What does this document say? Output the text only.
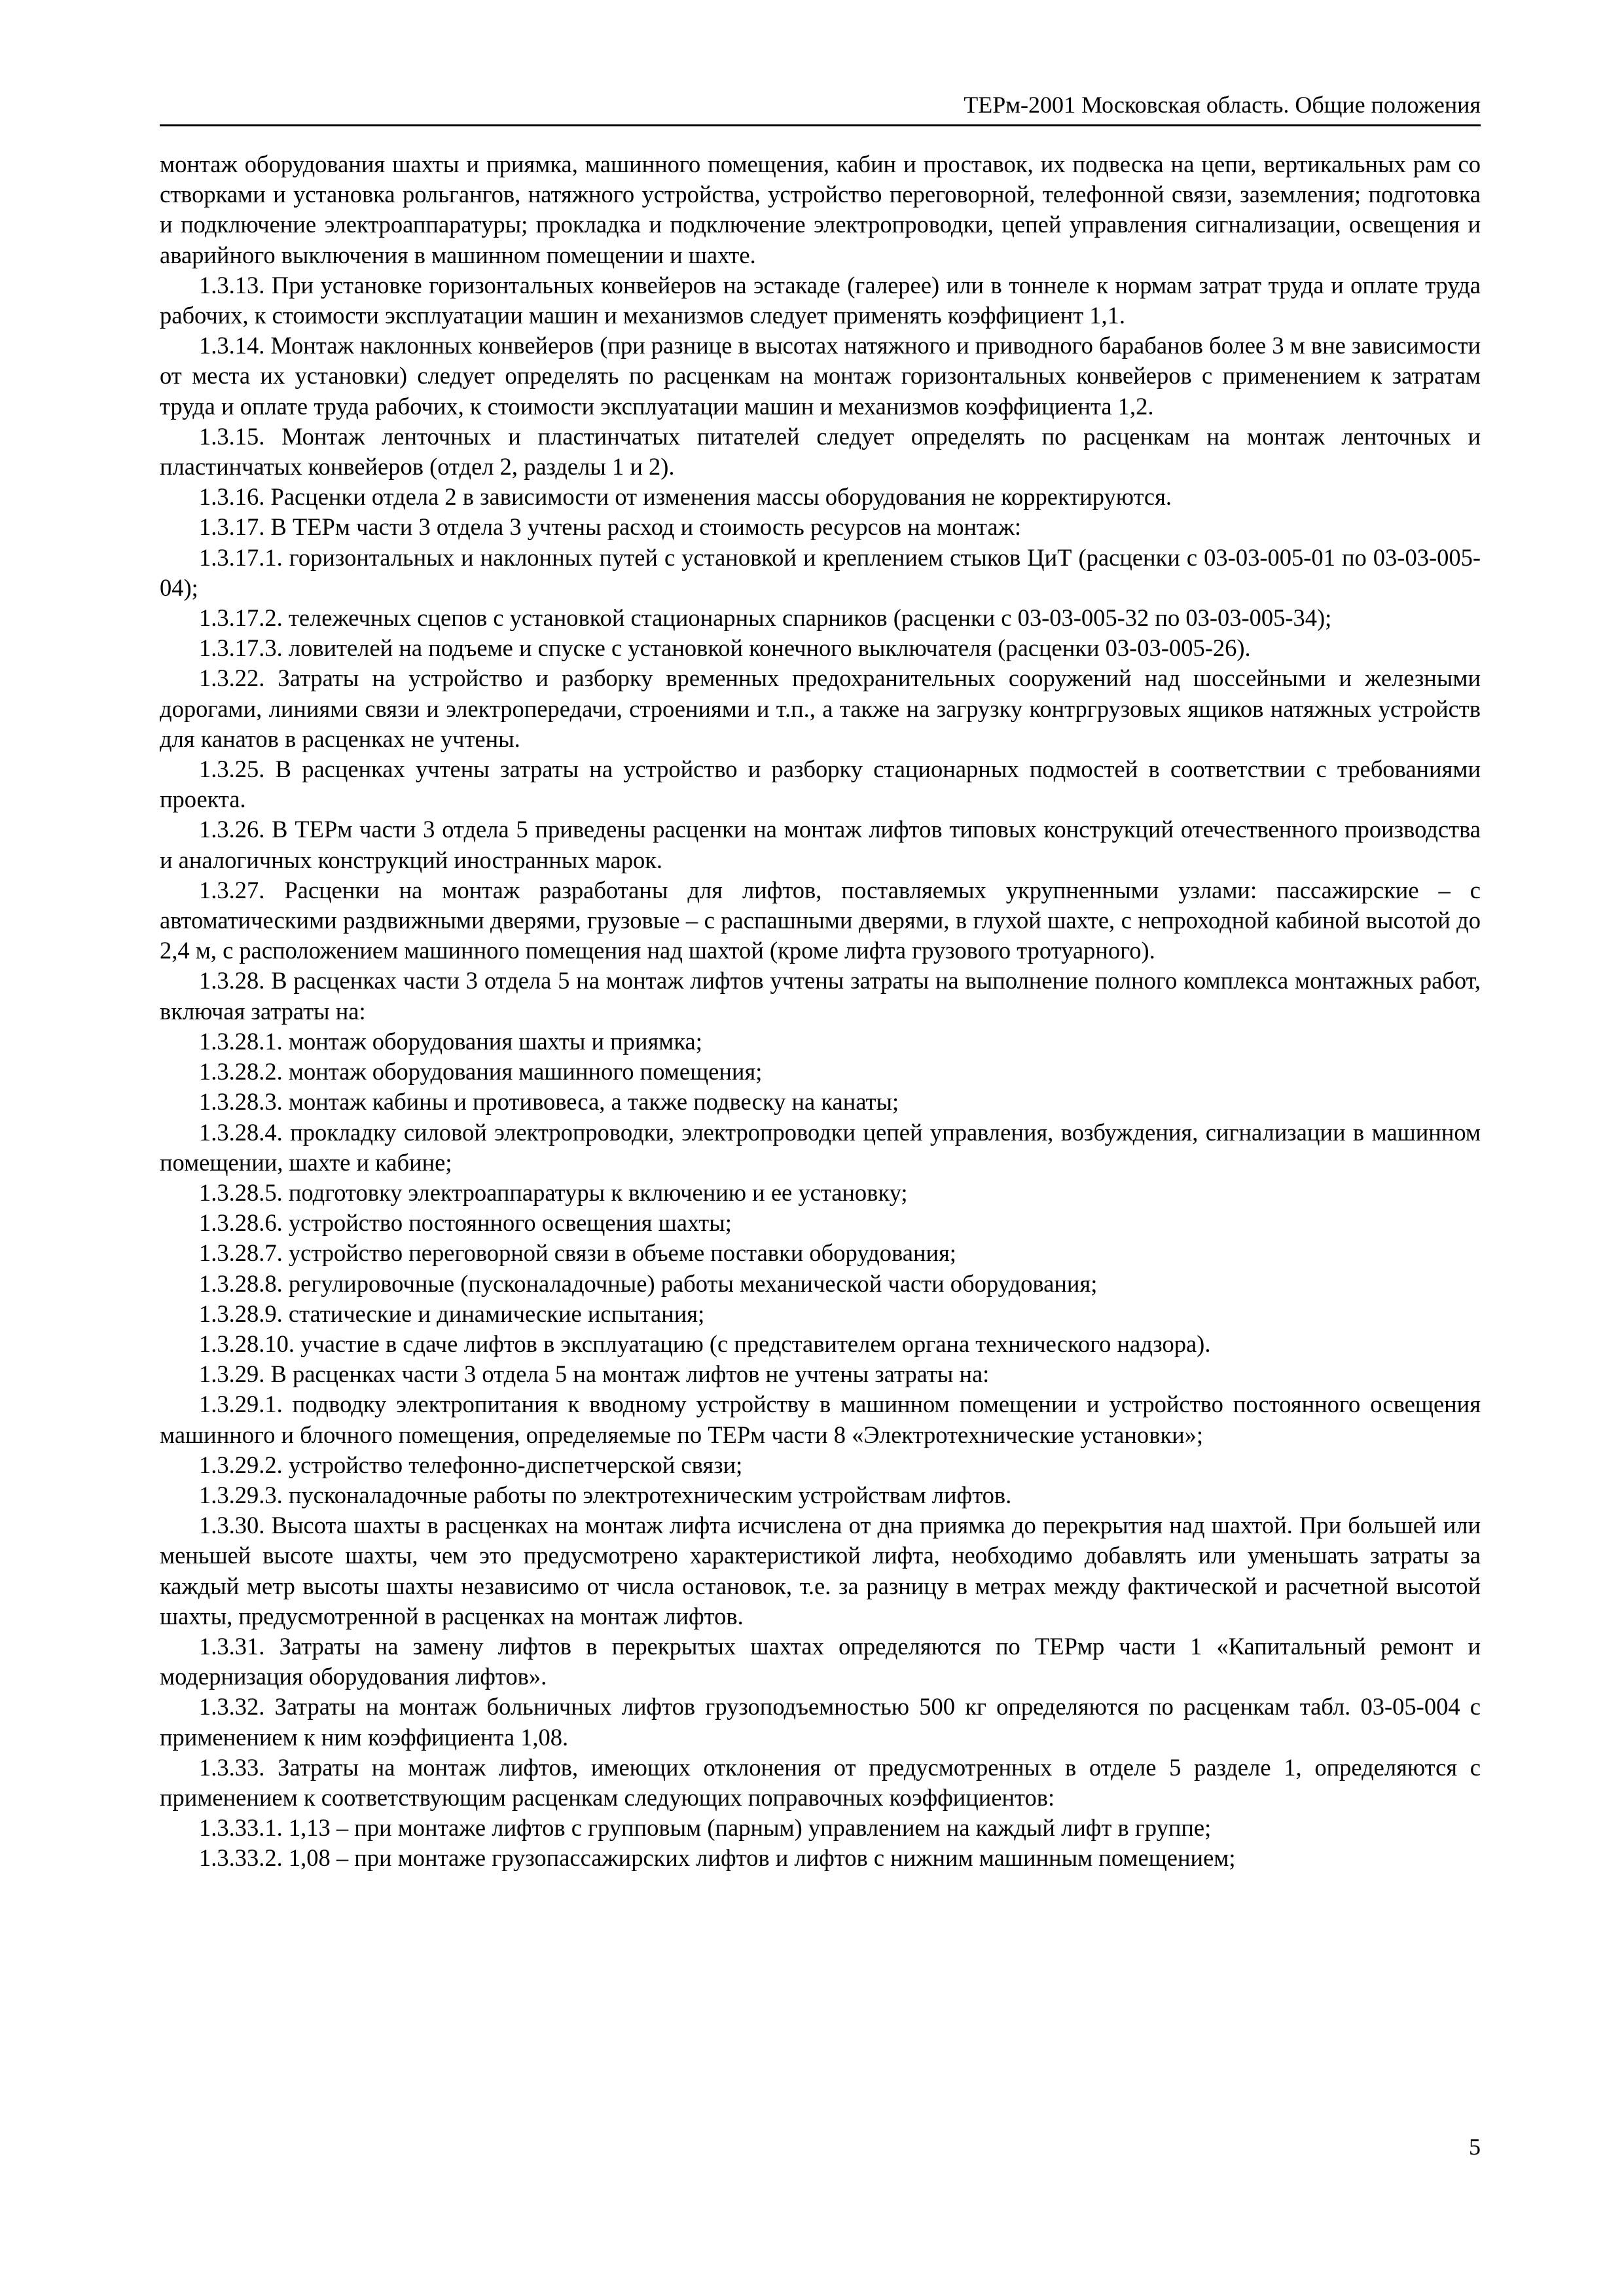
ТЕРм-2001 Московская область. Общие положения

монтаж оборудования шахты и приямка, машинного помещения, кабин и проставок, их подвеска на цепи, вертикальных рам со створками и установка рольгангов, натяжного устройства, устройство переговорной, телефонной связи, заземления; подготовка и подключение электроаппаратуры; прокладка и подключение электропроводки, цепей управления сигнализации, освещения и аварийного выключения в машинном помещении и шахте.

1.3.13. При установке горизонтальных конвейеров на эстакаде (галерее) или в тоннеле к нормам затрат труда и оплате труда рабочих, к стоимости эксплуатации машин и механизмов следует применять коэффициент 1,1.

1.3.14. Монтаж наклонных конвейеров (при разнице в высотах натяжного и приводного барабанов более 3 м вне зависимости от места их установки) следует определять по расценкам на монтаж горизонтальных конвейеров с применением к затратам труда и оплате труда рабочих, к стоимости эксплуатации машин и механизмов коэффициента 1,2.

1.3.15. Монтаж ленточных и пластинчатых питателей следует определять по расценкам на монтаж ленточных и пластинчатых конвейеров (отдел 2, разделы 1 и 2).

1.3.16. Расценки отдела 2 в зависимости от изменения массы оборудования не корректируются.

1.3.17. В ТЕРм части 3 отдела 3 учтены расход и стоимость ресурсов на монтаж:

1.3.17.1. горизонтальных и наклонных путей с установкой и креплением стыков ЦиТ (расценки с 03-03-005-01 по 03-03-005-04);

1.3.17.2. тележечных сцепов с установкой стационарных спарников (расценки с 03-03-005-32 по 03-03-005-34);

1.3.17.3. ловителей на подъеме и спуске с установкой конечного выключателя (расценки 03-03-005-26).

1.3.22. Затраты на устройство и разборку временных предохранительных сооружений над шоссейными и железными дорогами, линиями связи и электропередачи, строениями и т.п., а также на загрузку контргрузовых ящиков натяжных устройств для канатов в расценках не учтены.

1.3.25. В расценках учтены затраты на устройство и разборку стационарных подмостей в соответствии с требованиями проекта.

1.3.26. В ТЕРм части 3 отдела 5 приведены расценки на монтаж лифтов типовых конструкций отечественного производства и аналогичных конструкций иностранных марок.

1.3.27. Расценки на монтаж разработаны для лифтов, поставляемых укрупненными узлами: пассажирские – с автоматическими раздвижными дверями, грузовые – с распашными дверями, в глухой шахте, с непроходной кабиной высотой до 2,4 м, с расположением машинного помещения над шахтой (кроме лифта грузового тротуарного).

1.3.28. В расценках части 3 отдела 5 на монтаж лифтов учтены затраты на выполнение полного комплекса монтажных работ, включая затраты на:

1.3.28.1. монтаж оборудования шахты и приямка;

1.3.28.2. монтаж оборудования машинного помещения;

1.3.28.3. монтаж кабины и противовеса, а также подвеску на канаты;

1.3.28.4. прокладку силовой электропроводки, электропроводки цепей управления, возбуждения, сигнализации в машинном помещении, шахте и кабине;

1.3.28.5. подготовку электроаппаратуры к включению и ее установку;

1.3.28.6. устройство постоянного освещения шахты;

1.3.28.7. устройство переговорной связи в объеме поставки оборудования;

1.3.28.8. регулировочные (пусконаладочные) работы механической части оборудования;

1.3.28.9. статические и динамические испытания;

1.3.28.10. участие в сдаче лифтов в эксплуатацию (с представителем органа технического надзора).

1.3.29. В расценках части 3 отдела 5 на монтаж лифтов не учтены затраты на:

1.3.29.1. подводку электропитания к вводному устройству в машинном помещении и устройство постоянного освещения машинного и блочного помещения, определяемые по ТЕРм части 8 «Электротехнические установки»;

1.3.29.2. устройство телефонно-диспетчерской связи;

1.3.29.3. пусконаладочные работы по электротехническим устройствам лифтов.

1.3.30. Высота шахты в расценках на монтаж лифта исчислена от дна приямка до перекрытия над шахтой. При большей или меньшей высоте шахты, чем это предусмотрено характеристикой лифта, необходимо добавлять или уменьшать затраты за каждый метр высоты шахты независимо от числа остановок, т.е. за разницу в метрах между фактической и расчетной высотой шахты, предусмотренной в расценках на монтаж лифтов.

1.3.31. Затраты на замену лифтов в перекрытых шахтах определяются по ТЕРмр части 1 «Капитальный ремонт и модернизация оборудования лифтов».

1.3.32. Затраты на монтаж больничных лифтов грузоподъемностью 500 кг определяются по расценкам табл. 03-05-004 с применением к ним коэффициента 1,08.

1.3.33. Затраты на монтаж лифтов, имеющих отклонения от предусмотренных в отделе 5 разделе 1, определяются с применением к соответствующим расценкам следующих поправочных коэффициентов:

1.3.33.1. 1,13 – при монтаже лифтов с групповым (парным) управлением на каждый лифт в группе;

1.3.33.2. 1,08 – при монтаже грузопассажирских лифтов и лифтов с нижним машинным помещением;

5
